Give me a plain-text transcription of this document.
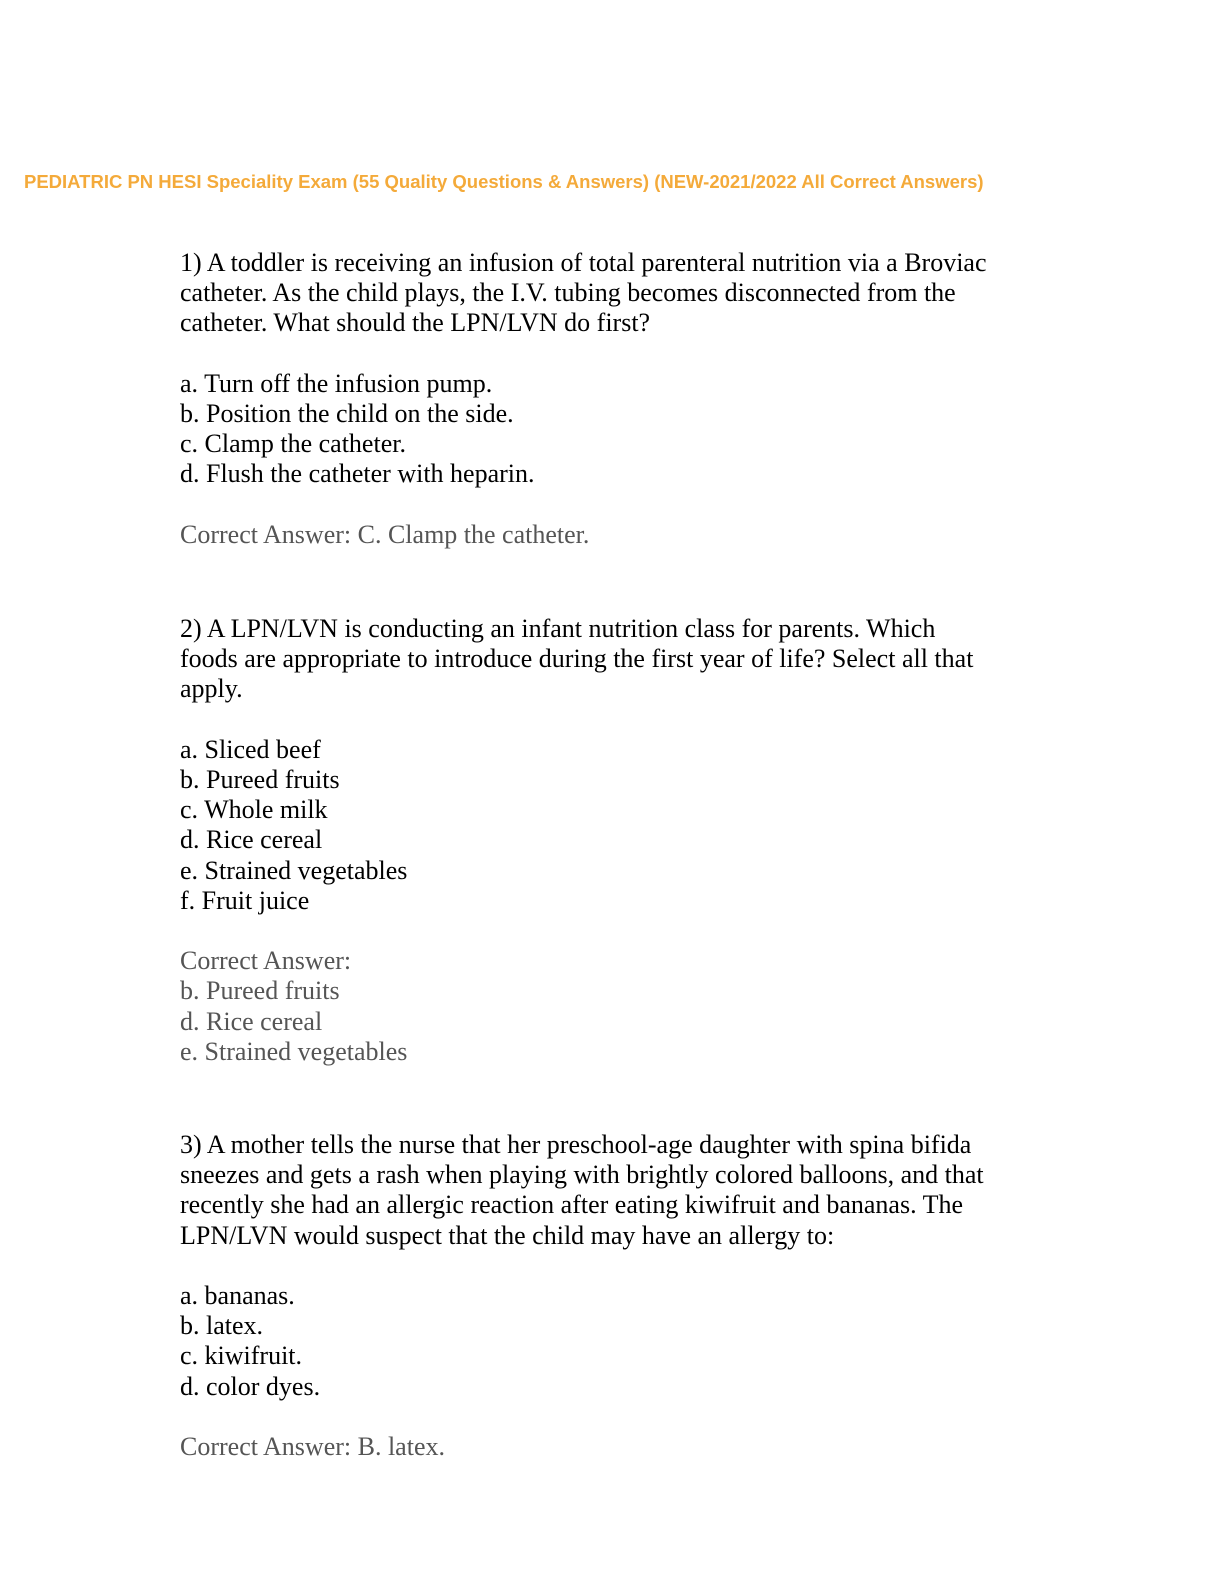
PEDIATRIC PN HESI Speciality Exam (55 Quality Questions & Answers) (NEW-2021/2022 All Correct Answers)

1) A toddler is receiving an infusion of total parenteral nutrition via a Broviac
catheter. As the child plays, the I.V. tubing becomes disconnected from the
catheter. What should the LPN/LVN do first?

a. Turn off the infusion pump.
b. Position the child on the side.
c. Clamp the catheter.
d. Flush the catheter with heparin.

Correct Answer: C. Clamp the catheter.

2) A LPN/LVN is conducting an infant nutrition class for parents. Which
foods are appropriate to introduce during the first year of life? Select all that
apply.

a. Sliced beef
b. Pureed fruits
c. Whole milk
d. Rice cereal
e. Strained vegetables
f. Fruit juice

Correct Answer:
b. Pureed fruits
d. Rice cereal
e. Strained vegetables

3) A mother tells the nurse that her preschool-age daughter with spina bifida
sneezes and gets a rash when playing with brightly colored balloons, and that
recently she had an allergic reaction after eating kiwifruit and bananas. The
LPN/LVN would suspect that the child may have an allergy to:

a. bananas.
b. latex.
c. kiwifruit.
d. color dyes.

Correct Answer: B. latex.
